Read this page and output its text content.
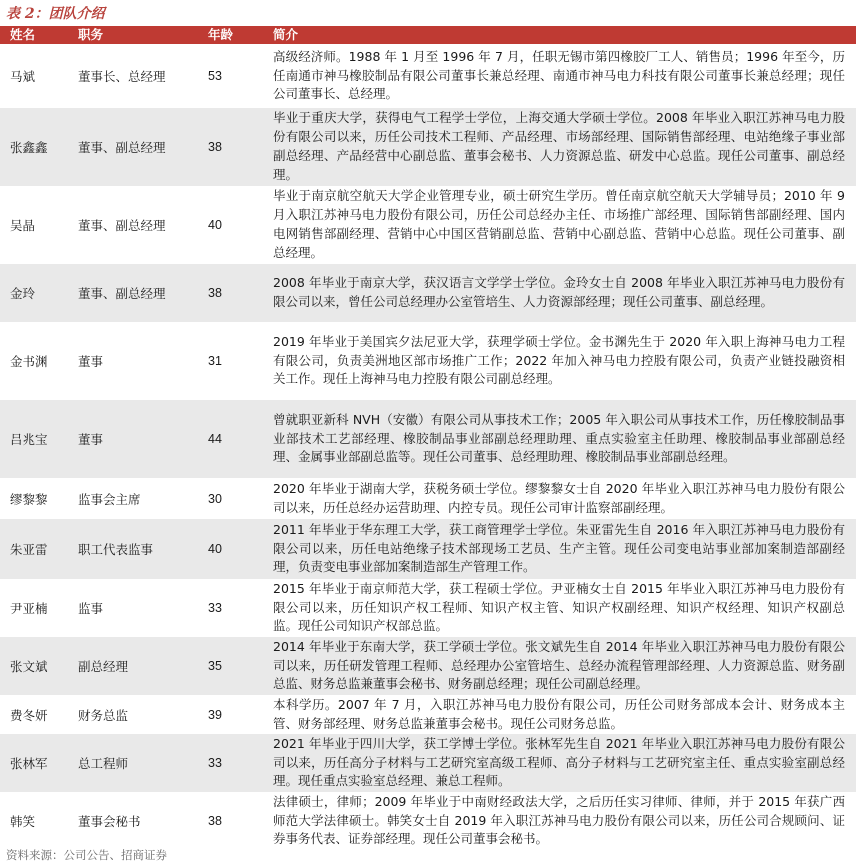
表 2：团队介绍
姓名	职务	年龄	简介
马斌	董事长、总经理	53
高级经济师。1988 年 1 月至 1996 年 7 月，任职无锡市第四橡胶厂工人、销售员；1996 年至今，历任南通市神马橡胶制品有限公司董事长兼总经理、南通市神马电力科技有限公司董事长兼总经理；现任公司董事长、总经理。
张鑫鑫 董事、副总经理	38
毕业于重庆大学，获得电气工程学士学位，上海交通大学硕士学位。2008 年毕业入职江苏神马电力股份有限公司以来，历任公司技术工程师、产品经理、市场部经理、国际销售部经理、电站绝缘子事业部副总经理、产品经营中心副总监、董事会秘书、人力资源总监、研发中心总监。现任公司董事、副总经理。
吴晶	董事、副总经理	40
毕业于南京航空航天大学企业管理专业，硕士研究生学历。曾任南京航空航天大学辅导员；2010 年 9 月入职江苏神马电力股份有限公司，历任公司总经办主任、市场推广部经理、国际销售部副经理、国内电网销售部副经理、营销中心中国区营销副总监、营销中心副总监、营销中心总监。现任公司董事、副总经理。
金玲	董事、副总经理	38
2008 年毕业于南京大学，获汉语言文学学士学位。金玲女士自 2008 年毕业入职江苏神马电力股份有限公司以来，曾任公司总经理办公室管培生、人力资源部经理；现任公司董事、副总经理。
金书渊 董事	31
2019 年毕业于美国宾夕法尼亚大学，获理学硕士学位。金书渊先生于 2020 年入职上海神马电力工程有限公司，负责美洲地区部市场推广工作；2022 年加入神马电力控股有限公司，负责产业链投融资相关工作。现任上海神马电力控股有限公司副总经理。
吕兆宝 董事	44
曾就职亚新科 NVH（安徽）有限公司从事技术工作；2005 年入职公司从事技术工作，历任橡胶制品事业部技术工艺部经理、橡胶制品事业部副总经理助理、重点实验室主任助理、橡胶制品事业部副总经理、金属事业部副总监等。现任公司董事、总经理助理、橡胶制品事业部副总经理。
缪黎黎 监事会主席	30
2020 年毕业于湖南大学，获税务硕士学位。缪黎黎女士自 2020 年毕业入职江苏神马电力股份有限公司以来，历任总经办运营助理、内控专员。现任公司审计监察部副经理。
朱亚雷 职工代表监事	40
2011 年毕业于华东理工大学，获工商管理学士学位。朱亚雷先生自 2016 年入职江苏神马电力股份有限公司以来，历任电站绝缘子技术部现场工艺员、生产主管。现任公司变电站事业部加案制造部副经理，负责变电事业部加案制造部生产管理工作。
尹亚楠 监事	33
2015 年毕业于南京师范大学，获工程硕士学位。尹亚楠女士自 2015 年毕业入职江苏神马电力股份有限公司以来，历任知识产权工程师、知识产权主管、知识产权副经理、知识产权经理、知识产权副总监。现任公司知识产权部总监。
张文斌 副总经理	35
2014 年毕业于东南大学，获工学硕士学位。张文斌先生自 2014 年毕业入职江苏神马电力股份有限公司以来，历任研发管理工程师、总经理办公室管培生、总经办流程管理部经理、人力资源总监、财务副总监、财务总监兼董事会秘书、财务副总经理；现任公司副总经理。
费冬妍 财务总监	39
本科学历。2007 年 7 月，入职江苏神马电力股份有限公司，历任公司财务部成本会计、财务成本主管、财务部经理、财务总监兼董事会秘书。现任公司财务总监。
张林军 总工程师	33
2021 年毕业于四川大学，获工学博士学位。张林军先生自 2021 年毕业入职江苏神马电力股份有限公司以来，历任高分子材料与工艺研究室高级工程师、高分子材料与工艺研究室主任、重点实验室副总经理。现任重点实验室总经理、兼总工程师。
韩笑	董事会秘书	38
法律硕士，律师；2009 年毕业于中南财经政法大学，之后历任实习律师、律师，并于 2015 年获广西师范大学法律硕士。韩笑女士自 2019 年入职江苏神马电力股份有限公司以来，历任公司合规顾问、证券事务代表、证券部经理。现任公司董事会秘书。
资料来源：公司公告、招商证券
